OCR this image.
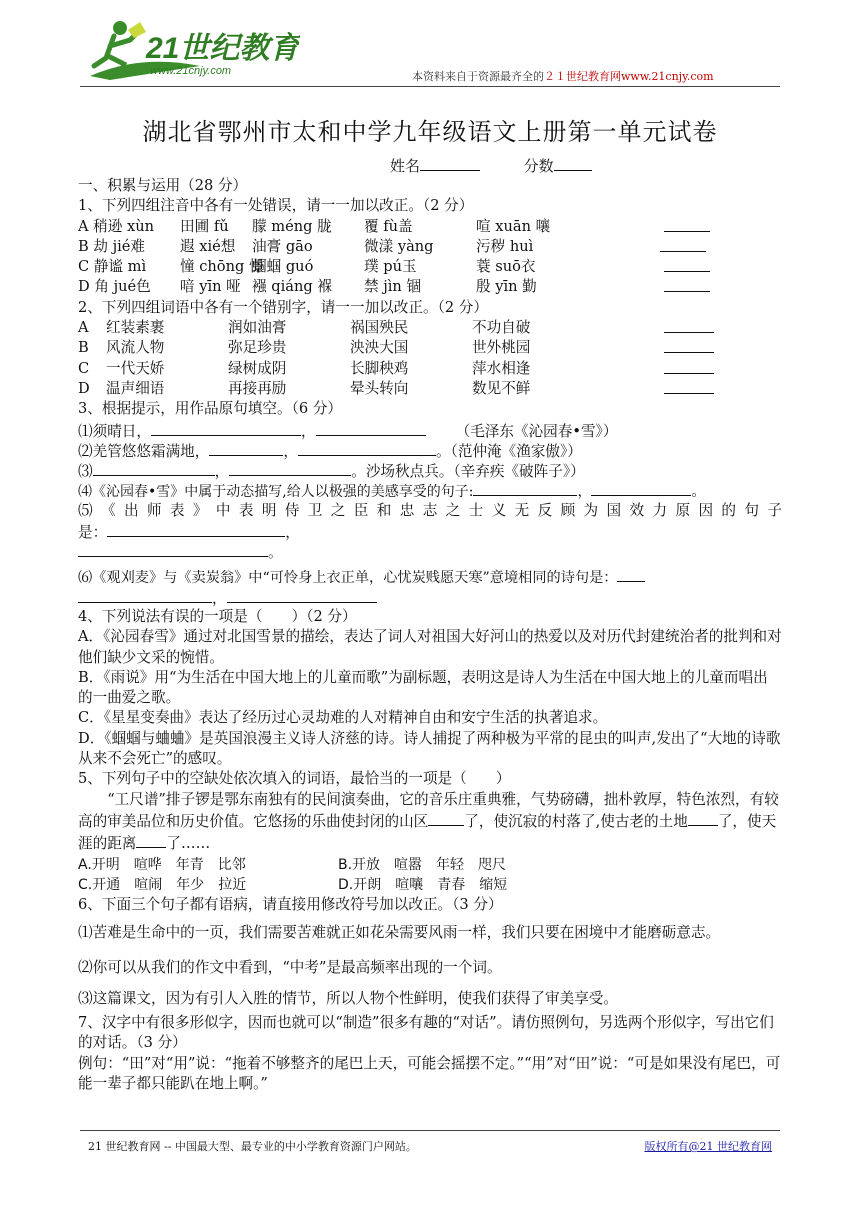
21世纪教育
www.21cnjy.com	本资料来自于资源最齐全的２１世纪教育网www.21cnjy.com
湖北省鄂州市太和中学九年级语文上册第一单元试卷
姓名	分数
一、积累与运用（28 分）
1、下列四组注音中各有一处错误，请一一加以改正。（2 分）
A 稍逊 xùn 田圃 fǔ 朦 méng 胧 覆 fù盖	喧 xuān 嚷
B 劫 jié难 遐 xié想 油膏 gāo	微漾 yàng	污秽 huì
C 静谧 mì 憧 chōng 憬蝈蝈 guó	璞 pú玉	蓑 suō衣
D 角 jué色 喑 yīn 哑 襁 qiáng 褓 禁 jìn 锢	殷 yīn 勤
2、下列四组词语中各有一个错别字，请一一加以改正。（2 分）
A 红装素裹	润如油膏	祸国殃民	不功自破
B 风流人物	弥足珍贵	泱泱大国	世外桃园
C 一代天娇	绿树成阴	长脚秧鸡	萍水相逢
D 温声细语	再接再励	晕头转向	数见不鲜
3、根据提示，用作品原句填空。（6 分）
⑴须晴日，	，	（毛泽东《沁园春•雪》）
⑵羌管悠悠霜满地，	，	。（范仲淹《渔家傲》）
⑶	，	。沙场秋点兵。（辛弃疾《破阵子》）
⑷《沁园春•雪》中属于动态描写,给人以极强的美感享受的句子:	，	。
⑸《出师表》中表明侍卫之臣和忠志之士义无反顾为国效力原因的句子
是：	，
。
⑹《观刈麦》与《卖炭翁》中“可怜身上衣正单，心忧炭贱愿天寒”意境相同的诗句是：
，
4、下列说法有误的一项是（　　）（2 分）
A．《沁园春雪》通过对北国雪景的描绘，表达了词人对祖国大好河山的热爱以及对历代封建统治者的批判和对他们缺少文采的惋惜。
B．《雨说》用“为生活在中国大地上的儿童而歌”为副标题，表明这是诗人为生活在中国大地上的儿童而唱出的一曲爱之歌。
C．《星星变奏曲》表达了经历过心灵劫难的人对精神自由和安宁生活的执著追求。
D．《蝈蝈与蛐蛐》是英国浪漫主义诗人济慈的诗。诗人捕捉了两种极为平常的昆虫的叫声,发出了“大地的诗歌从来不会死亡”的感叹。
5、下列句子中的空缺处依次填入的词语，最恰当的一项是（　　）
“工尺谱”排子锣是鄂东南独有的民间演奏曲，它的音乐庄重典雅，气势磅礴，拙朴敦厚，特色浓烈，有较高的审美品位和历史价值。它悠扬的乐曲使封闭的山区 了，使沉寂的村落了,使古老的土地 了，使天涯的距离 了……
A.开明　喧哗　年青　比邻	B.开放　喧嚣　年轻　咫尺
C.开通　喧闹　年少　拉近	D.开朗　喧嚷　青春　缩短
6、下面三个句子都有语病，请直接用修改符号加以改正。（3 分）
⑴苦难是生命中的一页，我们需要苦难就正如花朵需要风雨一样，我们只要在困境中才能磨砺意志。
⑵你可以从我们的作文中看到，“中考”是最高频率出现的一个词。
⑶这篇课文，因为有引人入胜的情节，所以人物个性鲜明，使我们获得了审美享受。
7、汉字中有很多形似字，因而也就可以“制造”很多有趣的“对话”。请仿照例句，另选两个形似字，写出它们的对话。（3 分）
例句：“田”对“用”说：“拖着不够整齐的尾巴上天，可能会摇摆不定。”“用”对“田”说：“可是如果没有尾巴，可能一辈子都只能趴在地上啊。”
21 世纪教育网 -- 中国最大型、最专业的中小学教育资源门户网站。	版权所有@21 世纪教育网
